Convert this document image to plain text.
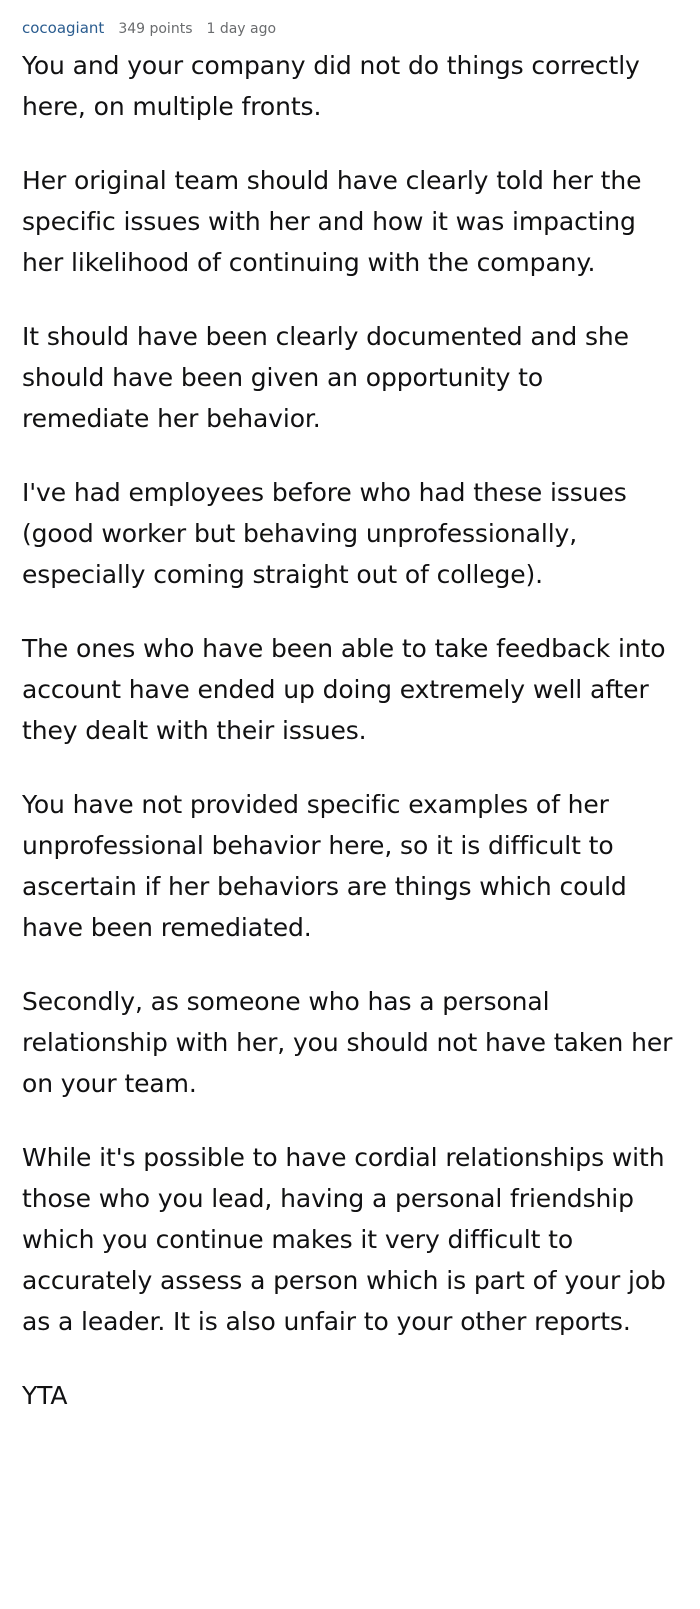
cocoagiant 349 points 1 day ago

You and your company did not do things correctly here, on multiple fronts.

Her original team should have clearly told her the specific issues with her and how it was impacting her likelihood of continuing with the company.

It should have been clearly documented and she should have been given an opportunity to remediate her behavior.

I've had employees before who had these issues (good worker but behaving unprofessionally, especially coming straight out of college).

The ones who have been able to take feedback into account have ended up doing extremely well after they dealt with their issues.

You have not provided specific examples of her unprofessional behavior here, so it is difficult to ascertain if her behaviors are things which could have been remediated.

Secondly, as someone who has a personal relationship with her, you should not have taken her on your team.

While it's possible to have cordial relationships with those who you lead, having a personal friendship which you continue makes it very difficult to accurately assess a person which is part of your job as a leader. It is also unfair to your other reports.

YTA
